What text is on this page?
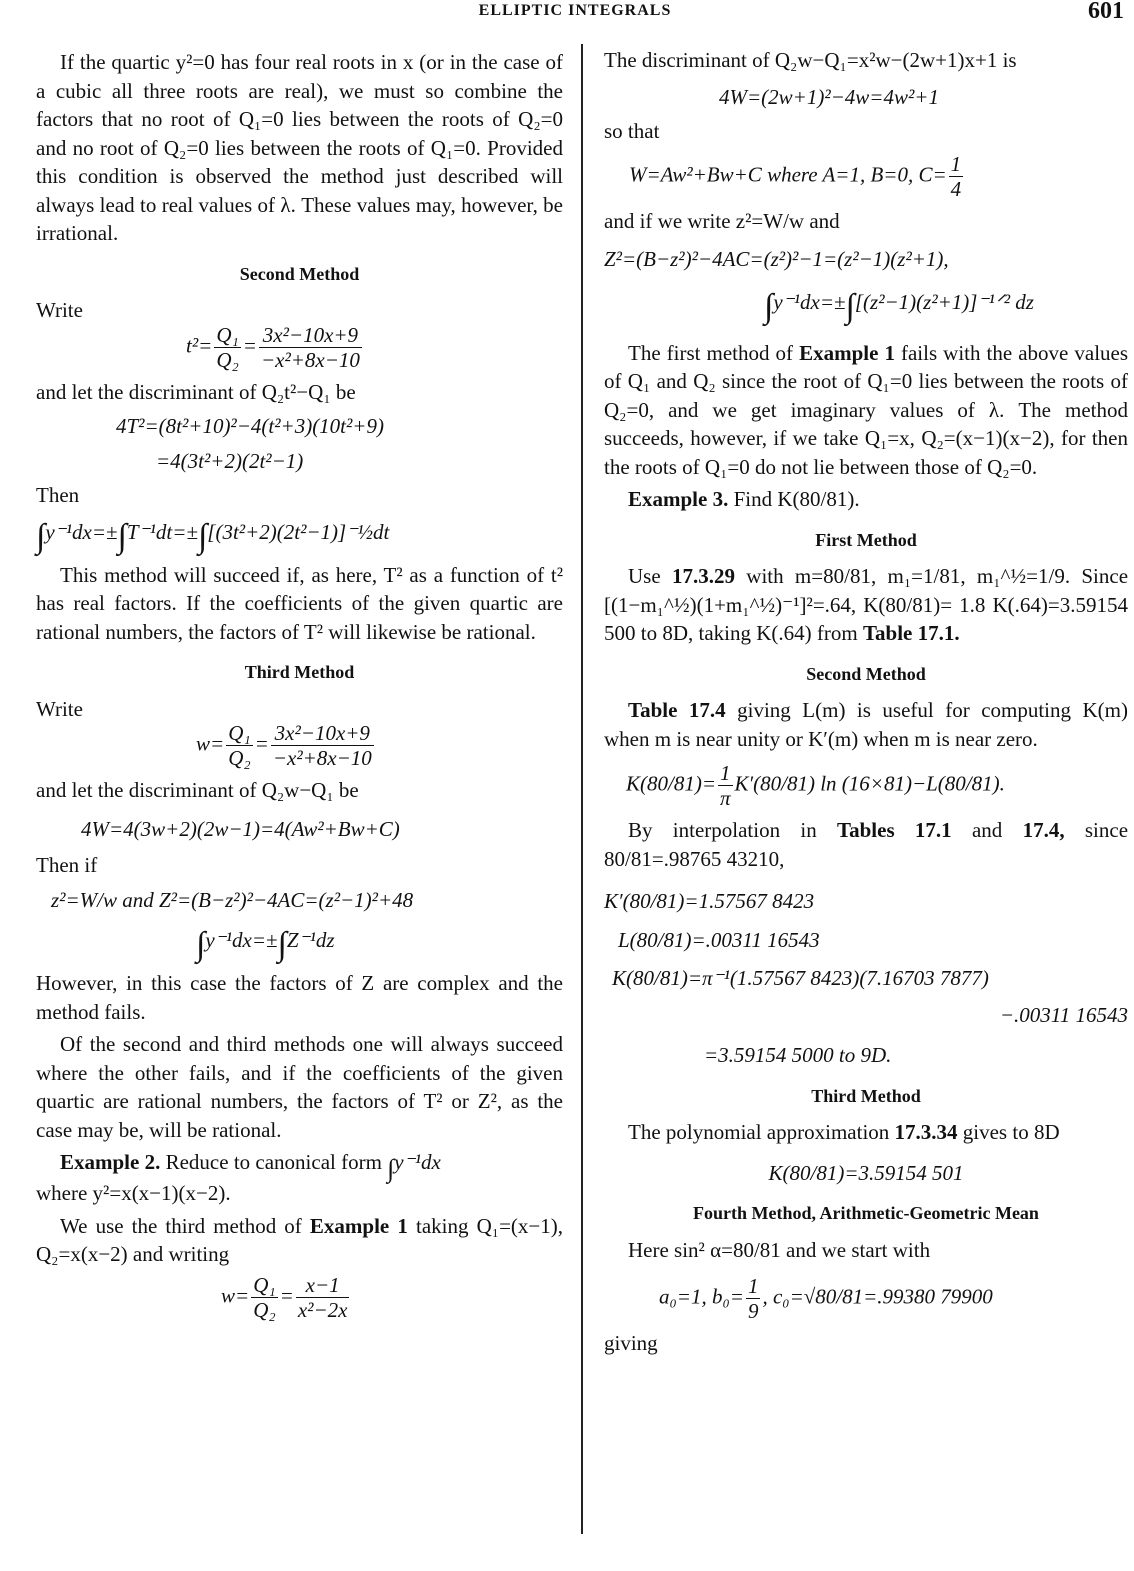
ELLIPTIC INTEGRALS	601

If the quartic y²=0 has four real roots in x (or in the case of a cubic all three roots are real), we must so combine the factors that no root of Q₁=0 lies between the roots of Q₂=0 and no root of Q₂=0 lies between the roots of Q₁=0. Provided this condition is observed the method just described will always lead to real values of λ. These values may, however, be irrational.

Second Method
Write
$t^2= \frac{\text{Q₁}}{\text{Q₂}} = \frac{\text{3x²−10x+9}}{\text{−x²+8x−10}}$

and let the discriminant of Q₂t²−Q₁ be

4T²=(8t²+10)²−4(t²+3)(10t²+9)
=4(3t²+2)(2t²−1)
Then
∫y⁻¹dx=±∫T⁻¹dt=±∫[(3t²+2)(2t²−1)]⁻½dt

This method will succeed if, as here, T² as a function of t² has real factors. If the coefficients of the given quartic are rational numbers, the factors of T² will likewise be rational.

Third Method
Write
$w= \frac{\text{Q₁}}{\text{Q₂}} = \frac{\text{3x²−10x+9}}{\text{−x²+8x−10}}$

and let the discriminant of Q₂w−Q₁ be

4W=4(3w+2)(2w−1)=4(Aw²+Bw+C)
Then if
z²=W/w and Z²=(B−z²)²−4AC=(z²−1)²+48
∫y⁻¹dx=±∫Z⁻¹dz

However, in this case the factors of Z are complex and the method fails.

Of the second and third methods one will always succeed where the other fails, and if the coefficients of the given quartic are rational numbers, the factors of T² or Z², as the case may be, will be rational.

Example 2. Reduce to canonical form ∫y⁻¹dx
where y²=x(x−1)(x−2).

We use the third method of Example 1 taking Q₁=(x−1), Q₂=x(x−2) and writing

$w= \frac{\text{Q₁}}{\text{Q₂}} = \frac{x-1}{\text{x²−2x}}$

The discriminant of Q₂w−Q₁=x²w−(2w+1)x+1 is

4W=(2w+1)²−4w=4w²+1
so that
W=Aw²+Bw+C where A=1, B=0, $C= \frac{1}{4}$

and if we write z²=W/w and

Z²=(B−z²)²−4AC=(z²)²−1=(z²−1)(z²+1),
∫y⁻¹dx=±∫[(z²−1)(z²+1)]⁻¹ᐟ² dz

The first method of Example 1 fails with the above values of Q₁ and Q₂ since the root of Q₁=0 lies between the roots of Q₂=0, and we get imaginary values of λ. The method succeeds, however, if we take Q₁=x, Q₂=(x−1)(x−2), for then the roots of Q₁=0 do not lie between those of Q₂=0.

Example 3. Find K(80/81).

First Method

Use 17.3.29 with m=80/81, m₁=1/81, m₁^½=1/9. Since [(1−m₁^½)(1+m₁^½)⁻¹]²=.64, K(80/81)= 1.8 K(.64)=3.59154 500 to 8D, taking K(.64) from Table 17.1.

Second Method

Table 17.4 giving L(m) is useful for computing K(m) when m is near unity or K′(m) when m is near zero.

$K(80/81)= \frac{1}{\pi} K'(80/81)$ ln (16×81)−L(80/81).

By interpolation in Tables 17.1 and 17.4, since 80/81=.98765 43210,

K′(80/81)=1.57567 8423
L(80/81)=.00311 16543
K(80/81)=π⁻¹(1.57567 8423)(7.16703 7877)
−.00311 16543
=3.59154 5000 to 9D.
Third Method

The polynomial approximation 17.3.34 gives to 8D

K(80/81)=3.59154 501
Fourth Method, Arithmetic-Geometric Mean

Here sin² α=80/81 and we start with

a₀=1, $b_0= \frac{1}{9}$ , c₀=√80/81=.99380 79900
giving
